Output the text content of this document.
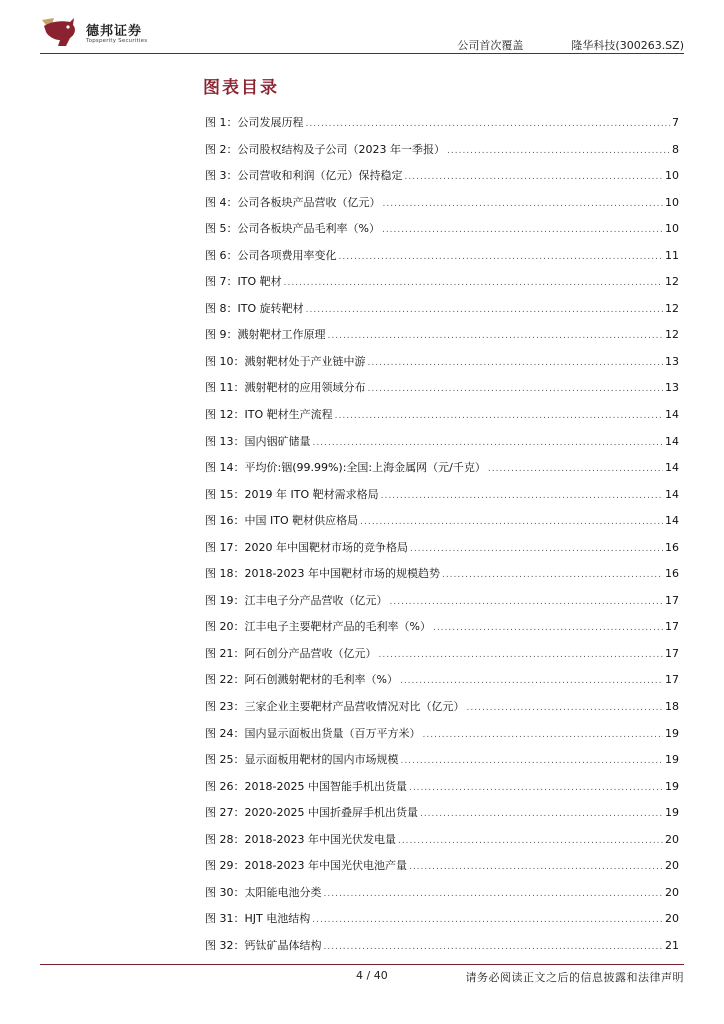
德邦证券
Topsperity Securities	公司首次覆盖	隆华科技(300263.SZ)
图表目录
图 1：公司发展历程 .....	7
图 2：公司股权结构及子公司（2023 年一季报） .....	8
图 3：公司营收和利润（亿元）保持稳定 .....	10
图 4：公司各板块产品营收（亿元） .....	10
图 5：公司各板块产品毛利率（%） .....	10
图 6：公司各项费用率变化 .....	11
图 7：ITO 靶材 .....	12
图 8：ITO 旋转靶材 .....	12
图 9：溅射靶材工作原理 .....	12
图 10：溅射靶材处于产业链中游 .....	13
图 11：溅射靶材的应用领域分布 .....	13
图 12：ITO 靶材生产流程 .....	14
图 13：国内铟矿储量 .....	14
图 14：平均价:铟(99.99%):全国:上海金属网（元/千克） .....	14
图 15：2019 年 ITO 靶材需求格局 .....	14
图 16：中国 ITO 靶材供应格局 .....	14
图 17：2020 年中国靶材市场的竞争格局 .....	16
图 18：2018-2023 年中国靶材市场的规模趋势 .....	16
图 19：江丰电子分产品营收（亿元） .....	17
图 20：江丰电子主要靶材产品的毛利率（%） .....	17
图 21：阿石创分产品营收（亿元） .....	17
图 22：阿石创溅射靶材的毛利率（%） .....	17
图 23：三家企业主要靶材产品营收情况对比（亿元） .....	18
图 24：国内显示面板出货量（百万平方米） .....	19
图 25：显示面板用靶材的国内市场规模 .....	19
图 26：2018-2025 中国智能手机出货量 .....	19
图 27：2020-2025 中国折叠屏手机出货量 .....	19
图 28：2018-2023 年中国光伏发电量 .....	20
图 29：2018-2023 年中国光伏电池产量 .....	20
图 30：太阳能电池分类 .....	20
图 31：HJT 电池结构 .....	20
图 32：钙钛矿晶体结构 .....	21
4 / 40	请务必阅读正文之后的信息披露和法律声明
